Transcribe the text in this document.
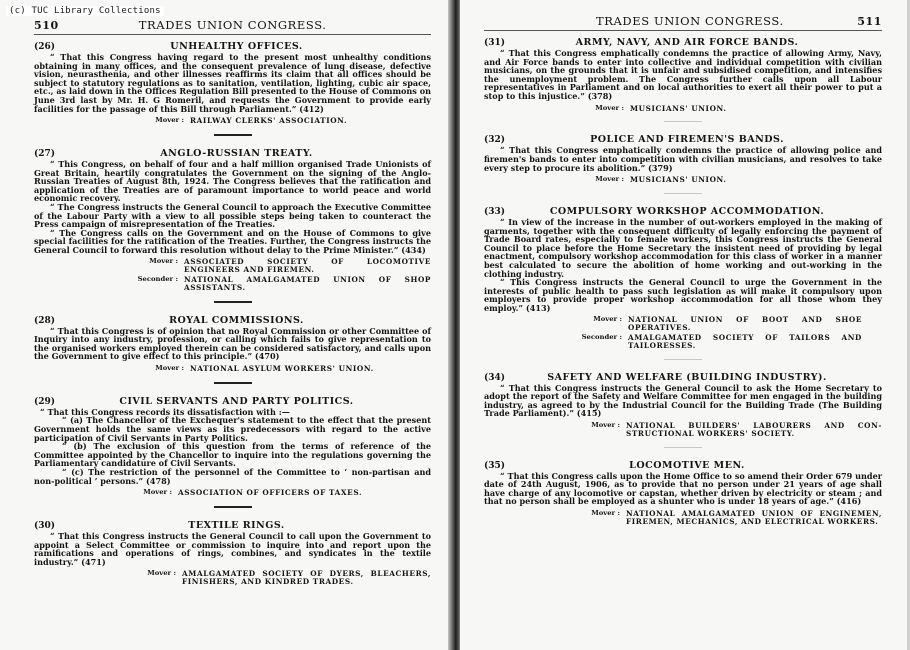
(c) TUC Library Collections
510	TRADES UNION CONGRESS.
(26)	UNHEALTHY OFFICES.

“ That this Congress having regard to the present most unhealthy conditions obtaining in many offices, and the consequent prevalence of lung disease, defective vision, neurasthenia, and other illnesses reaffirms its claim that all offices should be subject to statutory regulations as to sanitation, ventilation, lighting, cubic air space, etc., as laid down in the Offices Regulation Bill presented to the House of Commons on June 3rd last by Mr. H. G Romeril, and requests the Government to provide early facilities for the passage of this Bill through Parliament.” (412)

Mover : RAILWAY CLERKS' ASSOCIATION.
(27)	ANGLO-RUSSIAN TREATY.

“ This Congress, on behalf of four and a half million organised Trade Unionists of Great Britain, heartily congratulates the Government on the signing of the Anglo-Russian Treaties of August 8th, 1924. The Congress believes that the ratification and application of the Treaties are of paramount importance to world peace and world economic recovery.

“ The Congress instructs the General Council to approach the Executive Committee of the Labour Party with a view to all possible steps being taken to counteract the Press campaign of misrepresentation of the Treaties.

“ The Congress calls on the Government and on the House of Commons to give special facilities for the ratification of the Treaties. Further, the Congress instructs the General Council to forward this resolution without delay to the Prime Minister.” (434)

Mover : ASSOCIATED SOCIETY OF LOCOMOTIVE ENGINEERS AND FIREMEN.
Seconder : NATIONAL AMALGAMATED UNION OF SHOP ASSISTANTS.
(28)	ROYAL COMMISSIONS.

“ That this Congress is of opinion that no Royal Commission or other Committee of Inquiry into any industry, profession, or calling which fails to give representation to the organised workers employed therein can be considered satisfactory, and calls upon the Government to give effect to this principle.” (470)

Mover : NATIONAL ASYLUM WORKERS' UNION.
(29)	CIVIL SERVANTS AND PARTY POLITICS.

“ That this Congress records its dissatisfaction with :—

“ (a) The Chancellor of the Exchequer's statement to the effect that the present Government holds the same views as its predecessors with regard to the active participation of Civil Servants in Party Politics.

“ (b) The exclusion of this question from the terms of reference of the Committee appointed by the Chancellor to inquire into the regulations governing the Parliamentary candidature of Civil Servants.

“ (c) The restriction of the personnel of the Committee to ‘ non-partisan and non-political ’ persons.” (478)

Mover : ASSOCIATION OF OFFICERS OF TAXES.
(30)	TEXTILE RINGS.

“ That this Congress instructs the General Council to call upon the Government to appoint a Select Committee or commission to inquire into and report upon the ramifications and operations of rings, combines, and syndicates in the textile industry.” (471)

Mover : AMALGAMATED SOCIETY OF DYERS, BLEACHERS, FINISHERS, AND KINDRED TRADES.
TRADES UNION CONGRESS.	511
(31)	ARMY, NAVY, AND AIR FORCE BANDS.

“ That this Congress emphatically condemns the practice of allowing Army, Navy, and Air Force bands to enter into collective and individual competition with civilian musicians, on the grounds that it is unfair and subsidised competition, and intensifies the unemployment problem. The Congress further calls upon all Labour representatives in Parliament and on local authorities to exert all their power to put a stop to this injustice.” (378)

Mover : MUSICIANS' UNION.
(32)	POLICE AND FIREMEN'S BANDS.

“ That this Congress emphatically condemns the practice of allowing police and firemen's bands to enter into competition with civilian musicians, and resolves to take every step to procure its abolition.” (379)

Mover : MUSICIANS' UNION.
(33)	COMPULSORY WORKSHOP ACCOMMODATION.

“ In view of the increase in the number of out-workers employed in the making of garments, together with the consequent difficulty of legally enforcing the payment of Trade Board rates, especially to female workers, this Congress instructs the General Council to place before the Home Secretary the insistent need of providing by legal enactment, compulsory workshop accommodation for this class of worker in a manner best calculated to secure the abolition of home working and out-working in the clothing industry.

“ This Congress instructs the General Council to urge the Government in the interests of public health to pass such legislation as will make it compulsory upon employers to provide proper workshop accommodation for all those whom they employ.” (413)

Mover : NATIONAL UNION OF BOOT AND SHOE OPERATIVES.
Seconder : AMALGAMATED SOCIETY OF TAILORS AND TAILORESSES.
(34)	SAFETY AND WELFARE (BUILDING INDUSTRY).

“ That this Congress instructs the General Council to ask the Home Secretary to adopt the report of the Safety and Welfare Committee for men engaged in the building industry, as agreed to by the Industrial Council for the Building Trade (The Building Trade Parliament).” (415)

Mover : NATIONAL BUILDERS' LABOURERS AND CON-STRUCTIONAL WORKERS' SOCIETY.
(35)	LOCOMOTIVE MEN.

“ That this Congress calls upon the Home Office to so amend their Order 679 under date of 24th August, 1906, as to provide that no person under 21 years of age shall have charge of any locomotive or capstan, whether driven by electricity or steam ; and that no person shall be employed as a shunter who is under 18 years of age.” (416)

Mover : NATIONAL AMALGAMATED UNION OF ENGINEMEN, FIREMEN, MECHANICS, AND ELECTRICAL WORKERS.
